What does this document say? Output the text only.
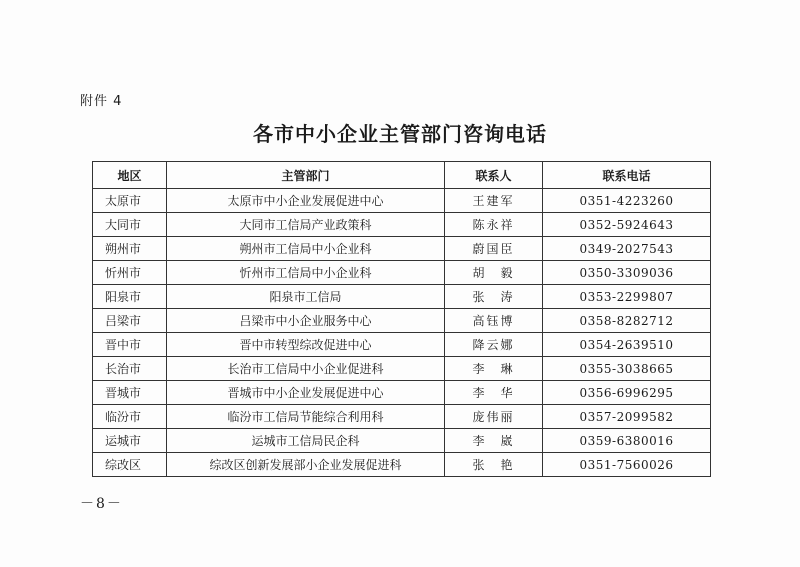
附件 4
各市中小企业主管部门咨询电话
地区	主管部门	联系人	联系电话
太原市	太原市中小企业发展促进中心	王建军	0351-4223260
大同市	大同市工信局产业政策科	陈永祥	0352-5924643
朔州市	朔州市工信局中小企业科	蔚国臣	0349-2027543
忻州市	忻州市工信局中小企业科	胡　毅	0350-3309036
阳泉市	阳泉市工信局	张　涛	0353-2299807
吕梁市	吕梁市中小企业服务中心	高钰博	0358-8282712
晋中市	晋中市转型综改促进中心	降云娜	0354-2639510
长治市	长治市工信局中小企业促进科	李　琳	0355-3038665
晋城市	晋城市中小企业发展促进中心	李　华	0356-6996295
临汾市	临汾市工信局节能综合利用科	庞伟丽	0357-2099582
运城市	运城市工信局民企科	李　崴	0359-6380016
综改区	综改区创新发展部小企业发展促进科	张　艳	0351-7560026
－8－
